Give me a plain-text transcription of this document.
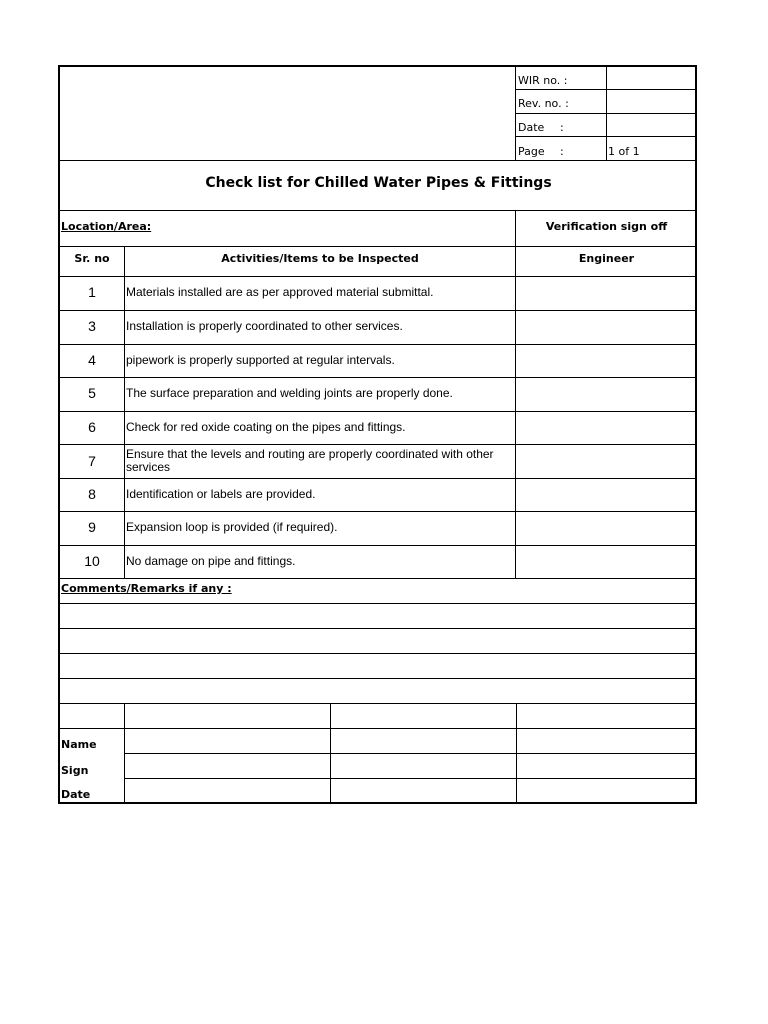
WIR no. :
Rev. no. :
Date :
Page :	1 of 1
Check list for Chilled Water Pipes & Fittings
Location/Area:	Verification sign off
Sr. no	Activities/Items to be Inspected	Engineer
1	Materials installed are as per approved material submittal.
3	Installation is properly coordinated to other services.
4	pipework is properly supported at regular intervals.
5	The surface preparation and welding joints are properly done.
6	Check for red oxide coating on the pipes and fittings.
7	Ensure that the levels and routing are properly coordinated with other services
8	Identification or labels are provided.
9	Expansion loop is provided (if required).
10	No damage on pipe and fittings.
Comments/Remarks if any :
Name
Sign
Date
